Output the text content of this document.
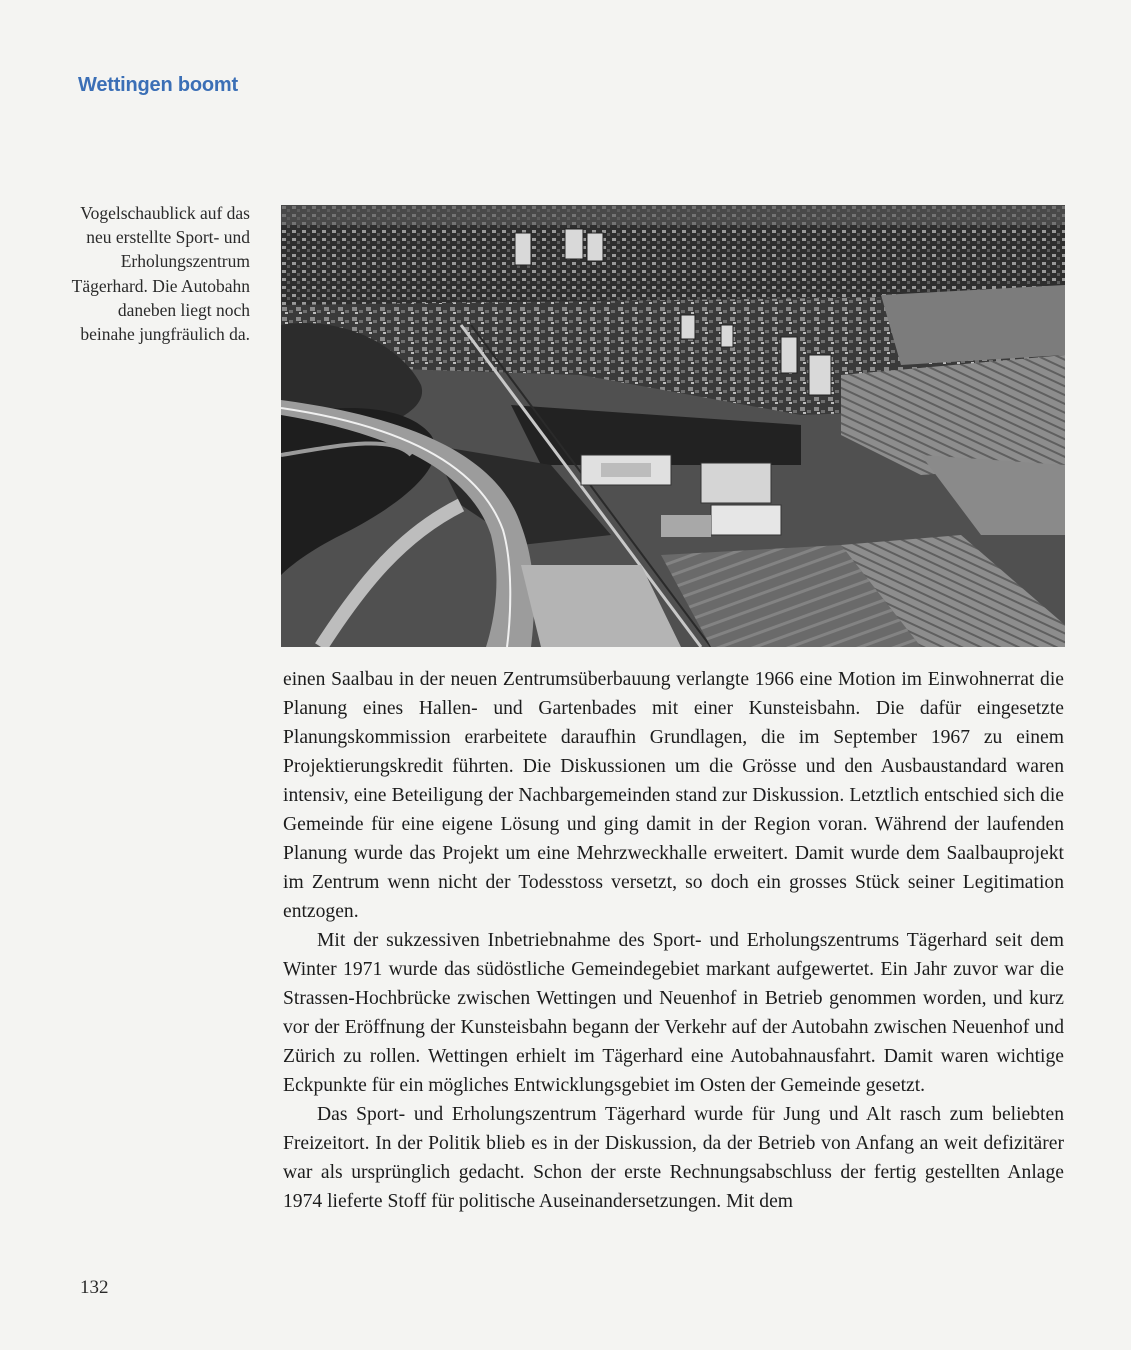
Wettingen boomt
Vogelschaublick auf das neu erstellte Sport- und Erholungszentrum Tägerhard. Die Autobahn daneben liegt noch beinahe jungfräulich da.

einen Saalbau in der neuen Zentrumsüberbauung verlangte 1966 eine Motion im Einwohnerrat die Planung eines Hallen- und Gartenbades mit einer Kunsteisbahn. Die dafür eingesetzte Planungskommission erarbeitete daraufhin Grundlagen, die im September 1967 zu einem Projektierungskredit führten. Die Diskussionen um die Grösse und den Ausbaustandard waren intensiv, eine Beteiligung der Nachbargemeinden stand zur Diskussion. Letztlich entschied sich die Gemeinde für eine eigene Lösung und ging damit in der Region voran. Während der laufenden Planung wurde das Projekt um eine Mehrzweckhalle erweitert. Damit wurde dem Saalbauprojekt im Zentrum wenn nicht der Todesstoss versetzt, so doch ein grosses Stück seiner Legitimation entzogen.

Mit der sukzessiven Inbetriebnahme des Sport- und Erholungszentrums Tägerhard seit dem Winter 1971 wurde das südöstliche Gemeindegebiet markant aufgewertet. Ein Jahr zuvor war die Strassen-Hochbrücke zwischen Wettingen und Neuenhof in Betrieb genommen worden, und kurz vor der Eröffnung der Kunsteisbahn begann der Verkehr auf der Autobahn zwischen Neuenhof und Zürich zu rollen. Wettingen erhielt im Tägerhard eine Autobahnausfahrt. Damit waren wichtige Eckpunkte für ein mögliches Entwicklungsgebiet im Osten der Gemeinde gesetzt.

Das Sport- und Erholungszentrum Tägerhard wurde für Jung und Alt rasch zum beliebten Freizeitort. In der Politik blieb es in der Diskussion, da der Betrieb von Anfang an weit defizitärer war als ursprünglich gedacht. Schon der erste Rechnungsabschluss der fertig gestellten Anlage 1974 lieferte Stoff für politische Auseinandersetzungen. Mit dem

132
